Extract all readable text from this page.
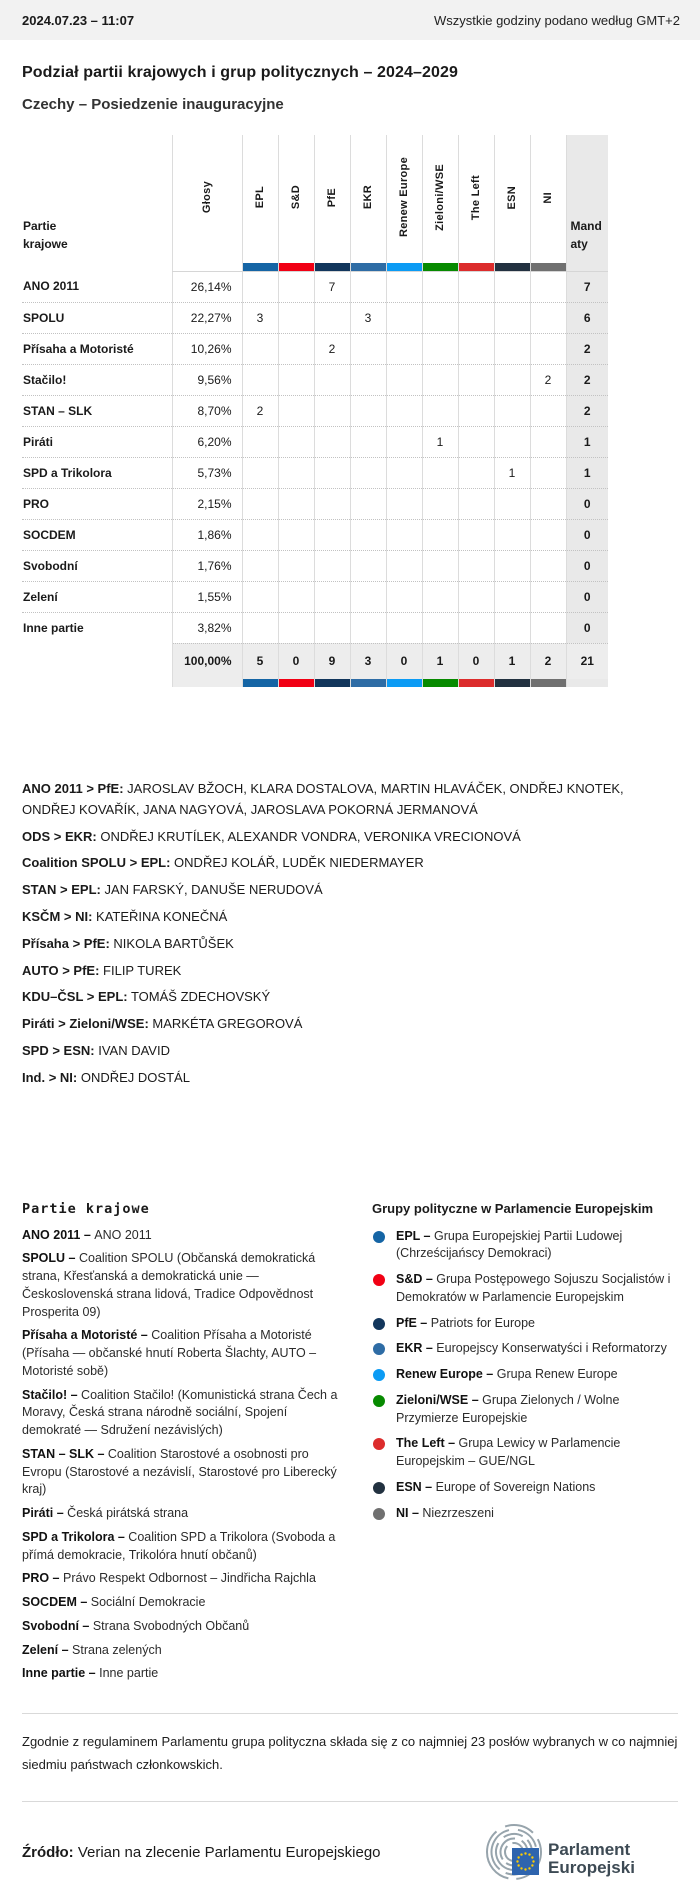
2024.07.23 – 11:07	Wszystkie godziny podano według GMT+2
Podział partii krajowych i grup politycznych – 2024–2029
Czechy – Posiedzenie inauguracyjne
Partie krajowe	Głosy	EPL	S&D	PfE	EKR	Renew Europe	Zieloni/WSE	The Left	ESN	NI	Mandaty

ANO 2011	26,14%			7							7
SPOLU	22,27%	3			3						6
Přísaha a Motoristé	10,26%			2							2
Stačilo!	9,56%									2	2
STAN – SLK	8,70%	2									2
Piráti	6,20%						1				1
SPD a Trikolora	5,73%								1		1
PRO	2,15%										0
SOCDEM	1,86%										0
Svobodní	1,76%										0
Zelení	1,55%										0
Inne partie	3,82%										0
	100,00%	5	0	9	3	0	1	0	1	2	21

ANO 2011 > PfE: JAROSLAV BŽOCH, KLARA DOSTALOVA, MARTIN HLAVÁČEK, ONDŘEJ KNOTEK, ONDŘEJ KOVAŘÍK, JANA NAGYOVÁ, JAROSLAVA POKORNÁ JERMANOVÁ

ODS > EKR: ONDŘEJ KRUTÍLEK, ALEXANDR VONDRA, VERONIKA VRECIONOVÁ

Coalition SPOLU > EPL: ONDŘEJ KOLÁŘ, LUDĚK NIEDERMAYER

STAN > EPL: JAN FARSKÝ, DANUŠE NERUDOVÁ

KSČM > NI: KATEŘINA KONEČNÁ

Přísaha > PfE: NIKOLA BARTŮŠEK

AUTO > PfE: FILIP TUREK

KDU–ČSL > EPL: TOMÁŠ ZDECHOVSKÝ

Piráti > Zieloni/WSE: MARKÉTA GREGOROVÁ

SPD > ESN: IVAN DAVID

Ind. > NI: ONDŘEJ DOSTÁL

Partie krajowe

ANO 2011 – ANO 2011

SPOLU – Coalition SPOLU (Občanská demokratická strana, Křesťanská a demokratická unie — Československá strana lidová, Tradice Odpovědnost Prosperita 09)

Přísaha a Motoristé – Coalition Přísaha a Motoristé (Přísaha — občanské hnutí Roberta Šlachty, AUTO – Motoristé sobě)

Stačilo! – Coalition Stačilo! (Komunistická strana Čech a Moravy, Česká strana národně sociální, Spojení demokraté — Sdružení nezávislých)

STAN – SLK – Coalition Starostové a osobnosti pro Evropu (Starostové a nezávislí, Starostové pro Liberecký kraj)

Piráti – Česká pirátská strana

SPD a Trikolora – Coalition SPD a Trikolora (Svoboda a přímá demokracie, Trikolóra hnutí občanů)

PRO – Právo Respekt Odbornost – Jindřicha Rajchla

SOCDEM – Sociální Demokracie

Svobodní – Strana Svobodných Občanů

Zelení – Strana zelených

Inne partie – Inne partie

Grupy polityczne w Parlamencie Europejskim
EPL – Grupa Europejskiej Partii Ludowej (Chrześcijańscy Demokraci)
S&D – Grupa Postępowego Sojuszu Socjalistów i Demokratów w Parlamencie Europejskim
PfE – Patriots for Europe
EKR – Europejscy Konserwatyści i Reformatorzy
Renew Europe – Grupa Renew Europe
Zieloni/WSE – Grupa Zielonych / Wolne Przymierze Europejskie
The Left – Grupa Lewicy w Parlamencie Europejskim – GUE/NGL
ESN – Europe of Sovereign Nations
NI – Niezrzeszeni

Zgodnie z regulaminem Parlamentu grupa polityczna składa się z co najmniej 23 posłów wybranych w co najmniej siedmiu państwach członkowskich.

Źródło: Verian na zlecenie Parlamentu Europejskiego	Parlament
Europejski
